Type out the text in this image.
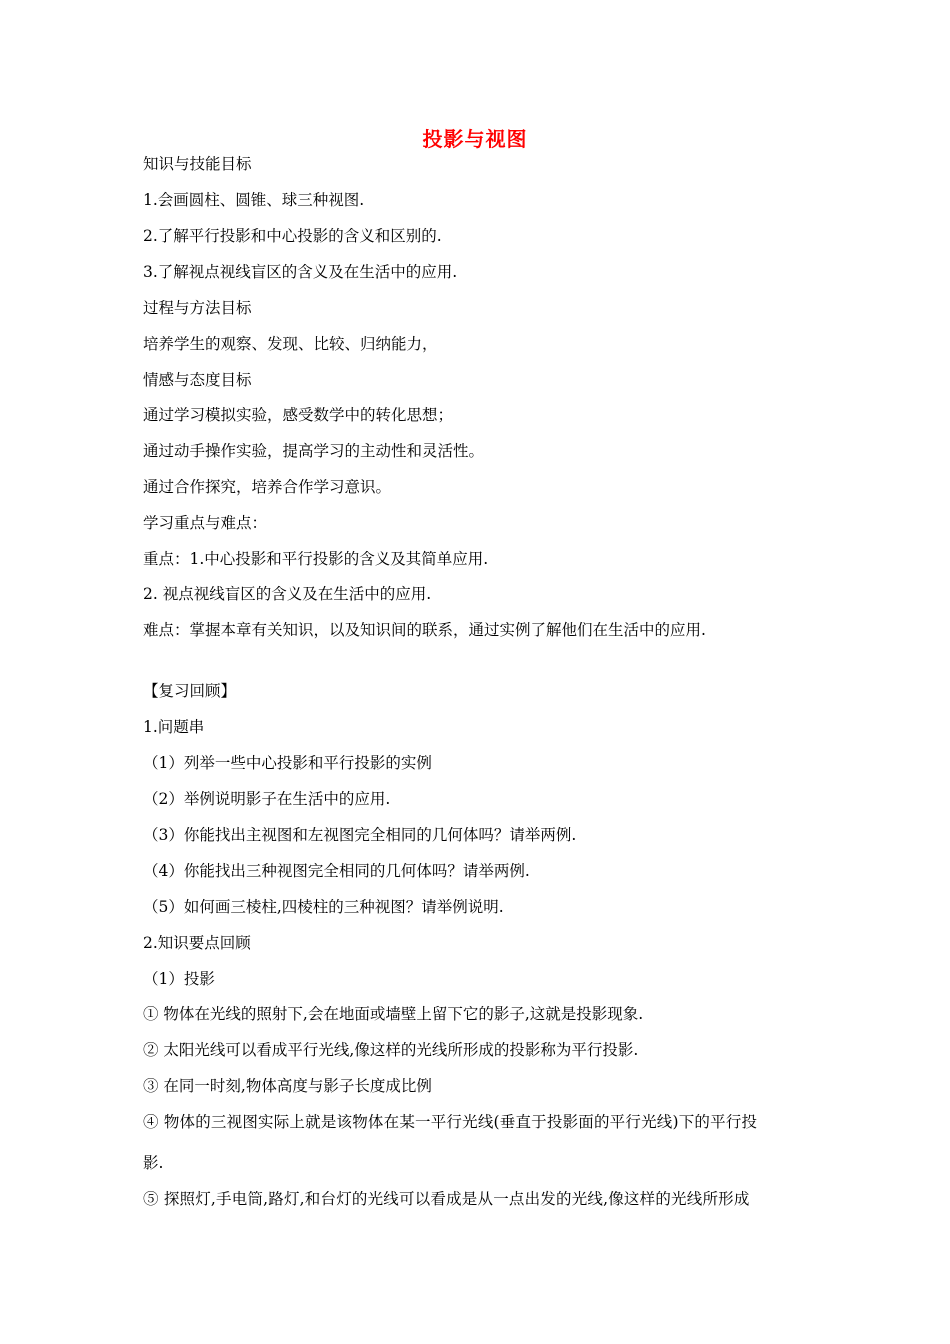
投影与视图
知识与技能目标
1.会画圆柱、圆锥、球三种视图.
2.了解平行投影和中心投影的含义和区别的.
3.了解视点视线盲区的含义及在生活中的应用.
过程与方法目标
培养学生的观察、发现、比较、归纳能力，
情感与态度目标
通过学习模拟实验，感受数学中的转化思想；
通过动手操作实验，提高学习的主动性和灵活性。
通过合作探究，培养合作学习意识。
学习重点与难点：
重点：1.中心投影和平行投影的含义及其简单应用.
2. 视点视线盲区的含义及在生活中的应用.
难点：掌握本章有关知识，以及知识间的联系，通过实例了解他们在生活中的应用.
【复习回顾】
1.问题串
（1）列举一些中心投影和平行投影的实例
（2）举例说明影子在生活中的应用.
（3）你能找出主视图和左视图完全相同的几何体吗？请举两例.
（4）你能找出三种视图完全相同的几何体吗？请举两例.
（5）如何画三棱柱,四棱柱的三种视图？请举例说明.
2.知识要点回顾
（1）投影
① 物体在光线的照射下,会在地面或墙壁上留下它的影子,这就是投影现象.
② 太阳光线可以看成平行光线,像这样的光线所形成的投影称为平行投影.
③ 在同一时刻,物体高度与影子长度成比例
④ 物体的三视图实际上就是该物体在某一平行光线(垂直于投影面的平行光线)下的平行投
影.
⑤ 探照灯,手电筒,路灯,和台灯的光线可以看成是从一点出发的光线,像这样的光线所形成
